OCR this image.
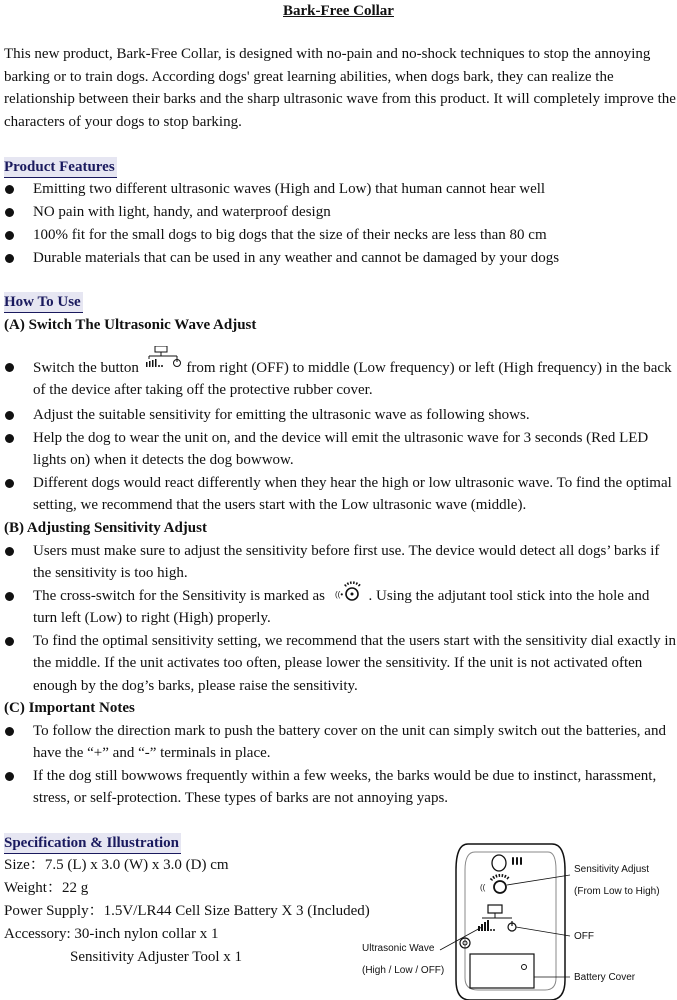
Bark-Free Collar
This new product, Bark-Free Collar, is designed with no-pain and no-shock techniques to stop the annoying
barking or to train dogs. According dogs' great learning abilities, when dogs bark, they can realize the
relationship between their barks and the sharp ultrasonic wave from this product. It will completely improve the
characters of your dogs to stop barking.
Product Features
Emitting two different ultrasonic waves (High and Low) that human cannot hear well
NO pain with light, handy, and waterproof design
100% fit for the small dogs to big dogs that the size of their necks are less than 80 cm
Durable materials that can be used in any weather and cannot be damaged by your dogs
How To Use
(A) Switch The Ultrasonic Wave Adjust
Switch the button	from right (OFF) to middle (Low frequency) or left (High frequency) in the back
of the device after taking off the protective rubber cover.
Adjust the suitable sensitivity for emitting the ultrasonic wave as following shows.
Help the dog to wear the unit on, and the device will emit the ultrasonic wave for 3 seconds (Red LED
lights on) when it detects the dog bowwow.
Different dogs would react differently when they hear the high or low ultrasonic wave. To find the optimal
setting, we recommend that the users start with the Low ultrasonic wave (middle).
(B) Adjusting Sensitivity Adjust
Users must make sure to adjust the sensitivity before first use. The device would detect all dogs’ barks if
the sensitivity is too high.
The cross-switch for the Sensitivity is marked as ((• . Using the adjutant tool stick into the hole and
turn left (Low) to right (High) properly.
To find the optimal sensitivity setting, we recommend that the users start with the sensitivity dial exactly in
the middle. If the unit activates too often, please lower the sensitivity. If the unit is not activated often
enough by the dog’s barks, please raise the sensitivity.
(C) Important Notes
To follow the direction mark to push the battery cover on the unit can simply switch out the batteries, and
have the “+” and “-” terminals in place.
If the dog still bowwows frequently within a few weeks, the barks would be due to instinct, harassment,
stress, or self-protection. These types of barks are not annoying yaps.
Specification & Illustration
Size：7.5 (L) x 3.0 (W) x 3.0 (D) cm
Weight：22 g
Power Supply：1.5V/LR44 Cell Size Battery X 3 (Included)
Accessory: 30-inch nylon collar x 1
Sensitivity Adjuster Tool x 1
((
Sensitivity Adjust
(From Low to High)
OFF
Ultrasonic Wave
(High / Low / OFF)
Battery Cover
